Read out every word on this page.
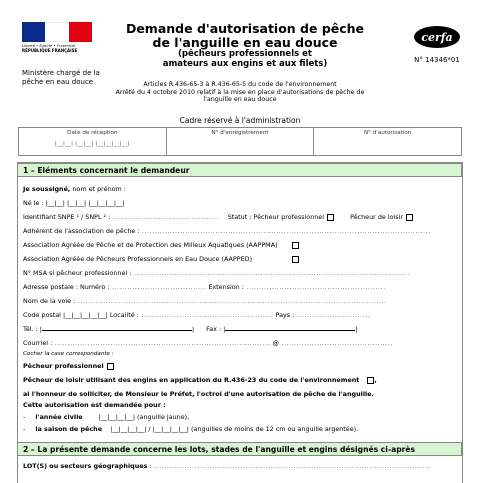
Liberté • Égalité • Fraternité
RÉPUBLIQUE FRANÇAISE
Ministère chargé de la pêche en eau douce
Demande d'autorisation de pêche
de l'anguille en eau douce
(pêcheurs professionnels et
amateurs aux engins et aux filets)
cerfa
N° 14346*01
Articles R.436-65-3 à R.436-65-5 du code de l'environnement
Arrêté du 4 octobre 2010 relatif à la mise en place d'autorisations de pêche de
l'anguille en eau douce
Cadre réservé à l'administration
Date de réception
|__|__| |__|__| |__|__|__|__|
N° d'enregistrement	N° d'autorisation
1 – Eléments concernant le demandeur
Je soussigné, nom et prénom :
Né le : |__|__| |__|__| |__|__|__|__|
Identifiant SNPE ¹ / SNPL ² : .......................................... Statut : Pêcheur professionnel	Pêcheur de loisir
Adhérent de l'association de pêche : ..................................................................................................................
Association Agréée de Pêche et de Protection des Milieux Aquatiques (AAPPMA)
Association Agréée de Pêcheurs Professionnels en Eau Douce (AAPPED)
N° MSA si pêcheur professionnel : .............................................................................................................
Adresse postale : Numéro : ..................................... Extension : .......................................................
Nom de la voie : ..........................................................................................................................
Code postal |__|__|__|__|__| Localité : .................................................... Pays : .............................
Tél. : |	| Fax : |	|
Courriel : ..................................................................................... @ ............................................
Cocher la case correspondante :
Pêcheur professionnel
Pêcheur de loisir utilisant des engins en application du R.436-23 du code de l'environnement ,
ai l'honneur de solliciter, de Monsieur le Préfet, l'octroi d'une autorisation de pêche de l'anguille.
Cette autorisation est demandée pour :
- l'année civile	|__|__|__|__| (anguille jaune),
- la saison de pêche |__|__|__|__| / |__|__|__|__| (anguilles de moins de 12 cm ou anguille argentée).
2 – La présente demande concerne les lots, stades de l'anguille et engins désignés ci-après
LOT(S) ou secteurs géographiques : .............................................................................................................
